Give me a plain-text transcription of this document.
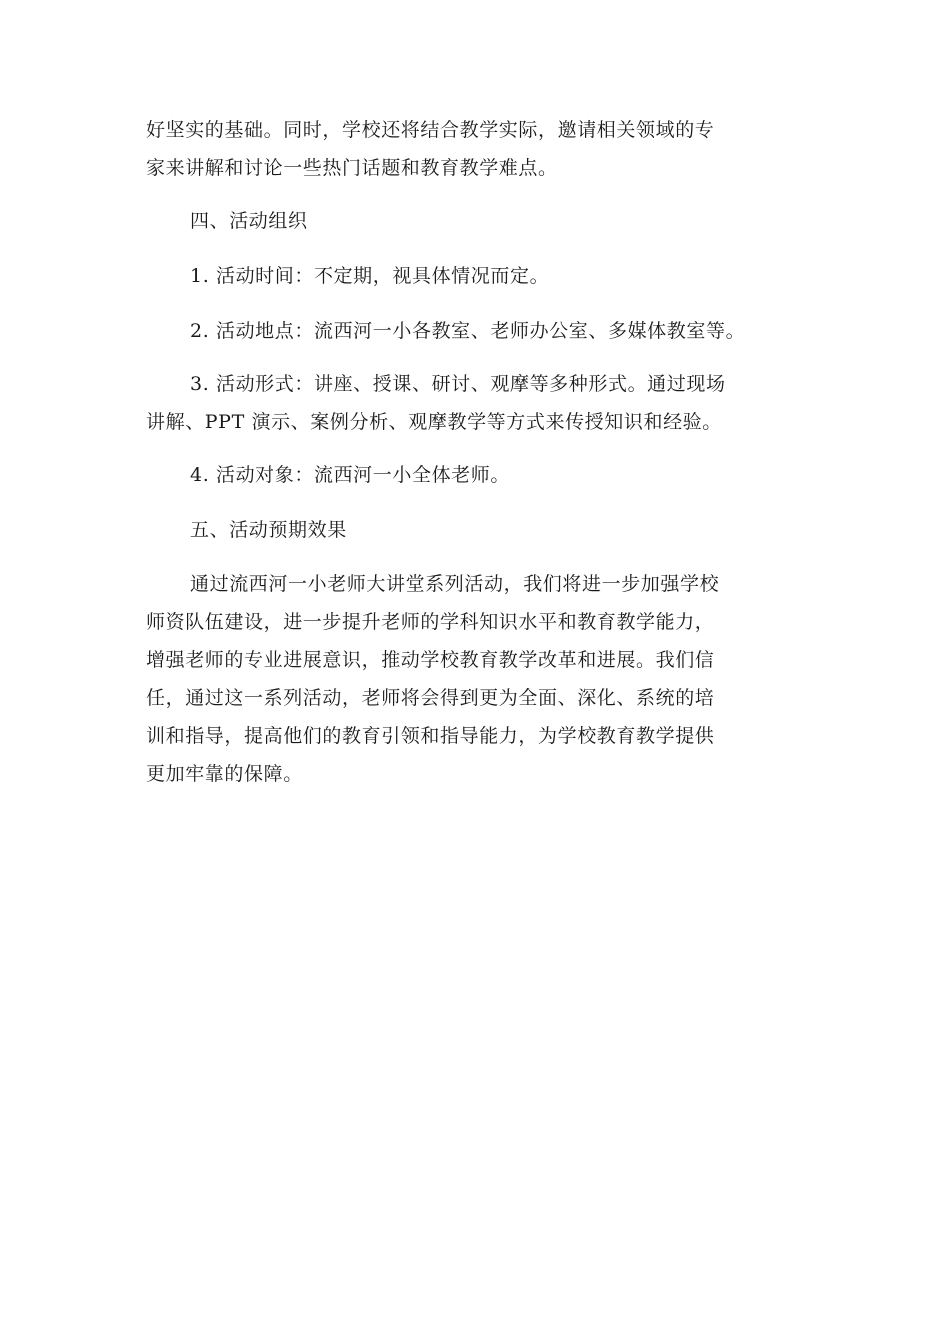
好坚实的基础。同时，学校还将结合教学实际，邀请相关领域的专
家来讲解和讨论一些热门话题和教育教学难点。
四、活动组织
1. 活动时间：不定期，视具体情况而定。
2. 活动地点：流西河一小各教室、老师办公室、多媒体教室等。
3. 活动形式：讲座、授课、研讨、观摩等多种形式。通过现场
讲解、PPT 演示、案例分析、观摩教学等方式来传授知识和经验。
4. 活动对象：流西河一小全体老师。
五、活动预期效果
通过流西河一小老师大讲堂系列活动，我们将进一步加强学校
师资队伍建设，进一步提升老师的学科知识水平和教育教学能力，
增强老师的专业进展意识，推动学校教育教学改革和进展。我们信
任，通过这一系列活动，老师将会得到更为全面、深化、系统的培
训和指导，提高他们的教育引领和指导能力，为学校教育教学提供
更加牢靠的保障。
